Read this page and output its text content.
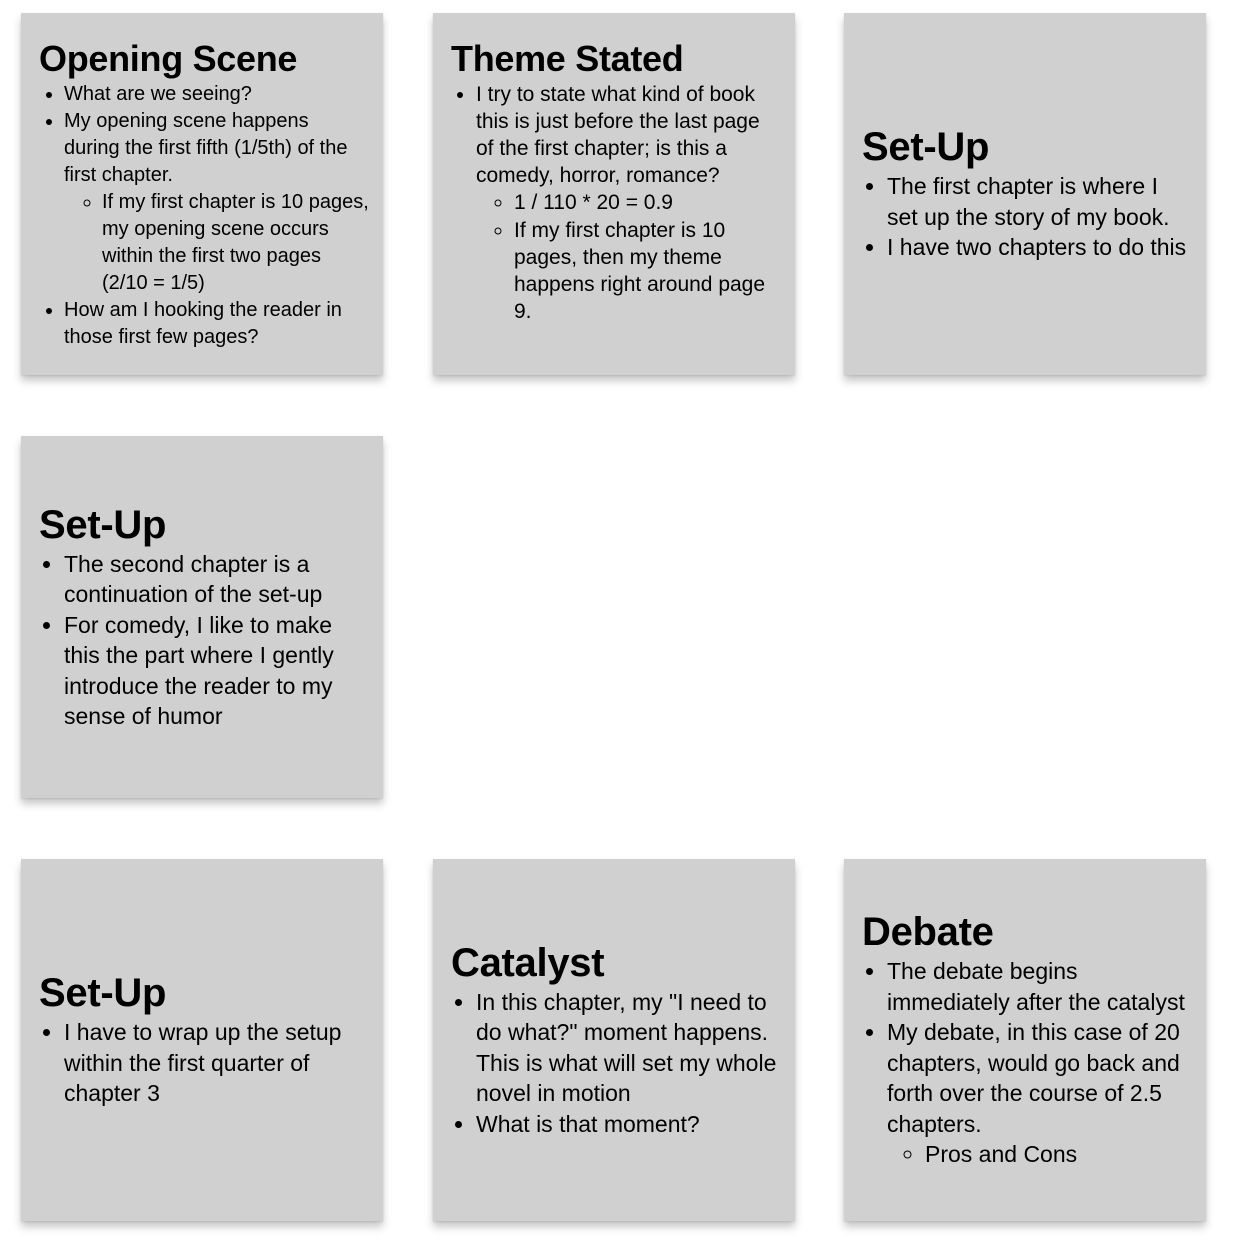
Opening Scene
• What are we seeing?
• My opening scene happens during the first fifth (1/5th) of the first chapter.
◦ If my first chapter is 10 pages, my opening scene occurs within the first two pages (2/10 = 1/5)
• How am I hooking the reader in those first few pages?
Theme Stated
• I try to state what kind of book this is just before the last page of the first chapter; is this a comedy, horror, romance?
◦ 1 / 110 * 20 = 0.9
◦ If my first chapter is 10 pages, then my theme happens right around page 9.
Set-Up
• The first chapter is where I set up the story of my book.
• I have two chapters to do this
Set-Up
• The second chapter is a continuation of the set-up
• For comedy, I like to make this the part where I gently introduce the reader to my sense of humor
Set-Up
• I have to wrap up the setup within the first quarter of chapter 3
Catalyst
• In this chapter, my "I need to do what?" moment happens. This is what will set my whole novel in motion
• What is that moment?
Debate
• The debate begins immediately after the catalyst
• My debate, in this case of 20 chapters, would go back and forth over the course of 2.5 chapters.
◦ Pros and Cons
